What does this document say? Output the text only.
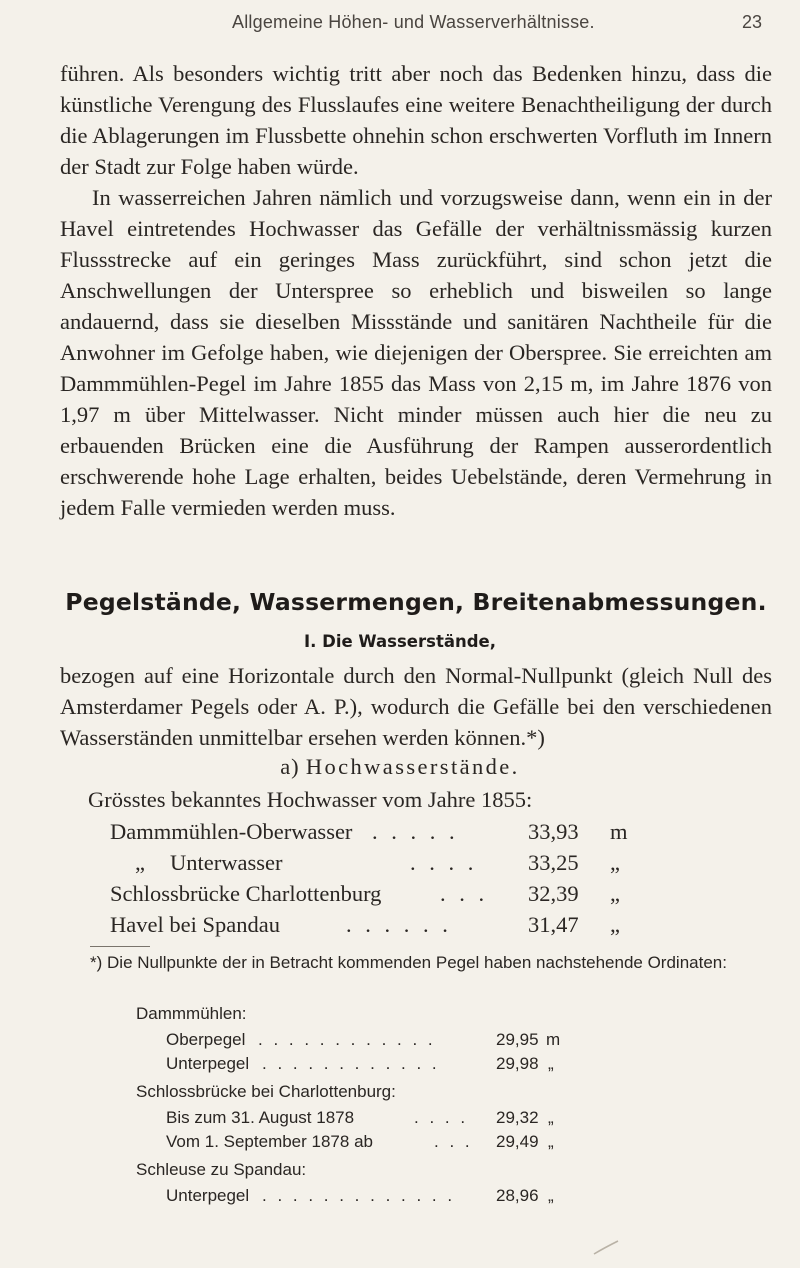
Allgemeine Höhen- und Wasserverhältnisse.	23

führen. Als besonders wichtig tritt aber noch das Bedenken hinzu, dass die künstliche Verengung des Flusslaufes eine weitere Benachtheiligung der durch die Ablagerungen im Flussbette ohnehin schon erschwerten Vorfluth im Innern der Stadt zur Folge haben würde.

In wasserreichen Jahren nämlich und vorzugsweise dann, wenn ein in der Havel eintretendes Hochwasser das Gefälle der verhältnissmässig kurzen Flussstrecke auf ein geringes Mass zurückführt, sind schon jetzt die Anschwellungen der Unterspree so erheblich und bisweilen so lange andauernd, dass sie dieselben Missstände und sanitären Nachtheile für die Anwohner im Gefolge haben, wie diejenigen der Oberspree. Sie erreichten am Dammmühlen-Pegel im Jahre 1855 das Mass von 2,15 m, im Jahre 1876 von 1,97 m über Mittelwasser. Nicht minder müssen auch hier die neu zu erbauenden Brücken eine die Ausführung der Rampen ausserordentlich erschwerende hohe Lage erhalten, beides Uebelstände, deren Vermehrung in jedem Falle vermieden werden muss.

Pegelstände, Wassermengen, Breitenabmessungen.
I. Die Wasserstände,

bezogen auf eine Horizontale durch den Normal-Nullpunkt (gleich Null des Amsterdamer Pegels oder A. P.), wodurch die Gefälle bei den verschiedenen Wasserständen unmittelbar ersehen werden können.*)

a) Hochwasserstände.
Grösstes bekanntes Hochwasser vom Jahre 1855:
Dammmühlen-Oberwasser . . . . .	33,93 m
„ Unterwasser	. . . . 33,25 „
Schlossbrücke Charlottenburg	. . . 32,39 „
Havel bei Spandau	. . . . . .	31,47 „
*) Die Nullpunkte der in Betracht kommenden Pegel haben nachstehende Ordinaten:
Dammmühlen:
Oberpegel . . . . . . . . . . . .	29,95 m
Unterpegel . . . . . . . . . . . .	29,98 „
Schlossbrücke bei Charlottenburg:
Bis zum 31. August 1878	. . . . 29,32 „
Vom 1. September 1878 ab	. . . 29,49 „
Schleuse zu Spandau:
Unterpegel . . . . . . . . . . . . . 28,96 „
